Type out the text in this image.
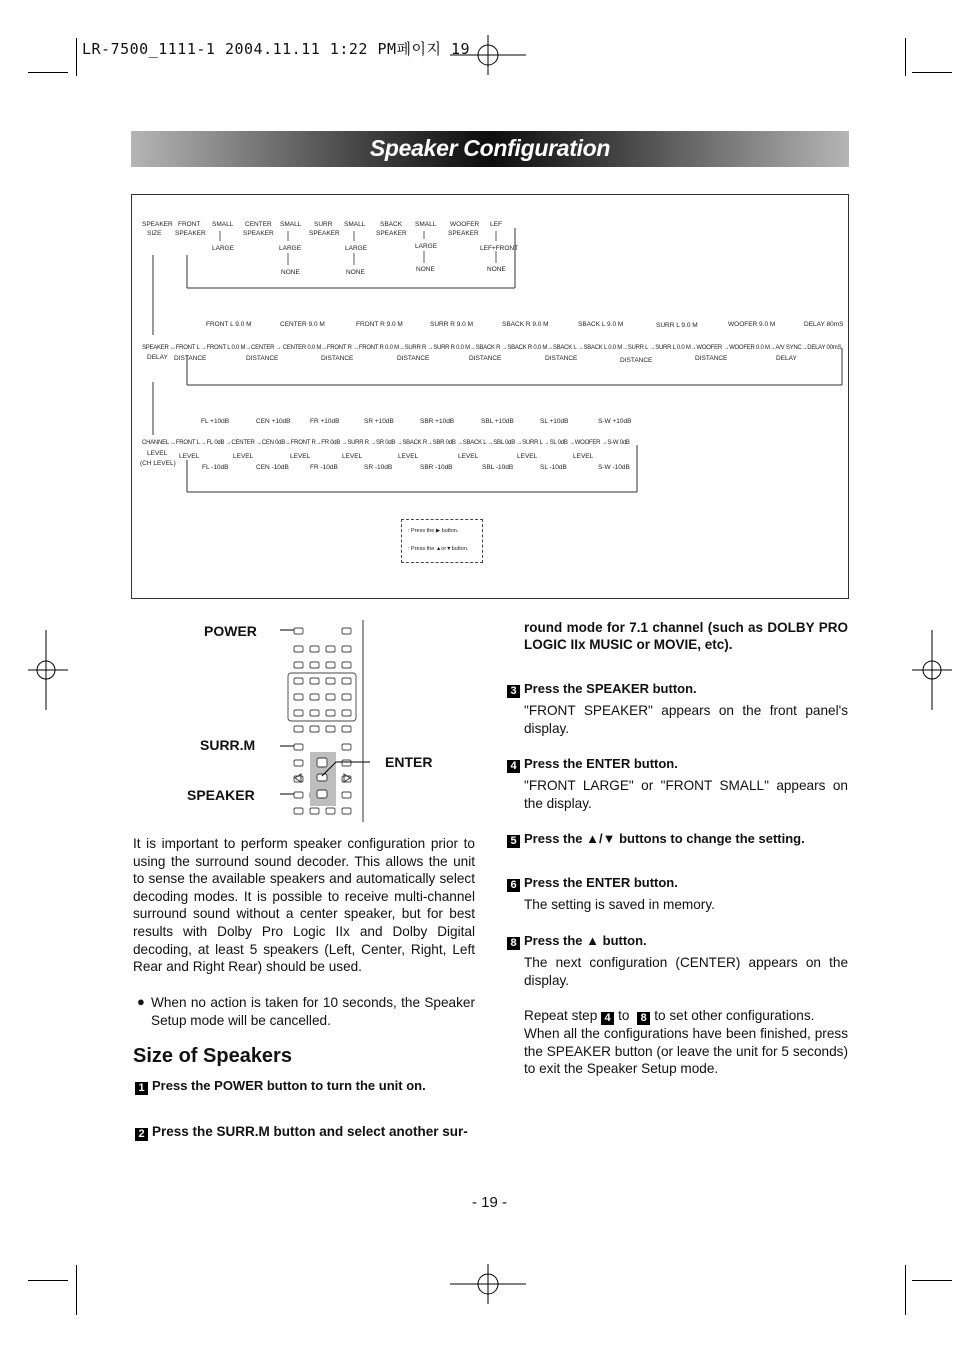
LR-7500_1111-1 2004.11.11 1:22 PM페이지 19
Speaker Configuration
SPEAKER FRONT SMALL CENTER SMALL SURR SMALL SBACK SMALL WOOFER LEF
SIZE SPEAKER	SPEAKER	SPEAKER	SPEAKER	SPEAKER
LARGE	LARGE	LARGE	LARGE	LEF+FRONT
NONE	NONE	NONE	NONE
FRONT L 9.0 M	CENTER 9.0 M	FRONT R 9.0 M	SURR R 9.0 M	SBACK R 9.0 M	SBACK L 9.0 M	SURR L 9.0 M	WOOFER 9.0 M	DELAY 80mS
SPEAKER ↔FRONT L →FRONT L 0.0 M→CENTER → CENTER 0.0 M→FRONT R →FRONT R 0.0 M→SURR R →SURR R 0.0 M→SBACK R →SBACK R 0.0 M→SBACK L →SBACK L 0.0 M→SURR L →SURR L 0.0 M→WOOFER →WOOFER 0.0 M→A/V SYNC→DELAY 00mS
DELAY DISTANCE	DISTANCE	DISTANCE	DISTANCE	DISTANCE	DISTANCE	DISTANCE	DISTANCE	DELAY
FL +10dB	CEN +10dB	FR +10dB	SR +10dB	SBR +10dB	SBL +10dB	SL +10dB	S-W +10dB
CHANNEL ↔FRONT L →FL 0dB →CENTER →CEN 0dB→FRONT R→FR 0dB →SURR R →SR 0dB →SBACK R→SBR 0dB →SBACK L →SBL 0dB →SURR L →SL 0dB →WOOFER →S-W 0dB
LEVEL LEVEL	LEVEL	LEVEL	LEVEL	LEVEL	LEVEL	LEVEL	LEVEL
(CH LEVEL)
FL -10dB	CEN -10dB	FR -10dB	SR -10dB	SBR -10dB	SBL -10dB	SL -10dB	S-W -10dB
: Press the ▶ button.
: Press the ▲or▼button.
POWER
SURR.M
SPEAKER
ENTER
It is important to perform speaker configuration prior to using the surround sound decoder. This allows the unit to sense the available speakers and automatically select decoding modes. It is possible to receive multi-channel surround sound without a center speaker, but for best results with Dolby Pro Logic IIx and Dolby Digital decoding, at least 5 speakers (Left, Center, Right, Left Rear and Right Rear) should be used.
● When no action is taken for 10 seconds, the Speaker Setup mode will be cancelled.
Size of Speakers
1 Press the POWER button to turn the unit on.
2 Press the SURR.M button and select another sur-
round mode for 7.1 channel (such as DOLBY PRO LOGIC IIx MUSIC or MOVIE, etc).
3 Press the SPEAKER button.
"FRONT SPEAKER" appears on the front panel's display.
4 Press the ENTER button.
"FRONT LARGE" or "FRONT SMALL" appears on the display.
5 Press the ▲/▼ buttons to change the setting.
6 Press the ENTER button.
The setting is saved in memory.
8 Press the ▲ button.
The next configuration (CENTER) appears on the display.
Repeat step 4 to 8 to set other configurations.
When all the configurations have been finished, press the SPEAKER button (or leave the unit for 5 seconds) to exit the Speaker Setup mode.
- 19 -
